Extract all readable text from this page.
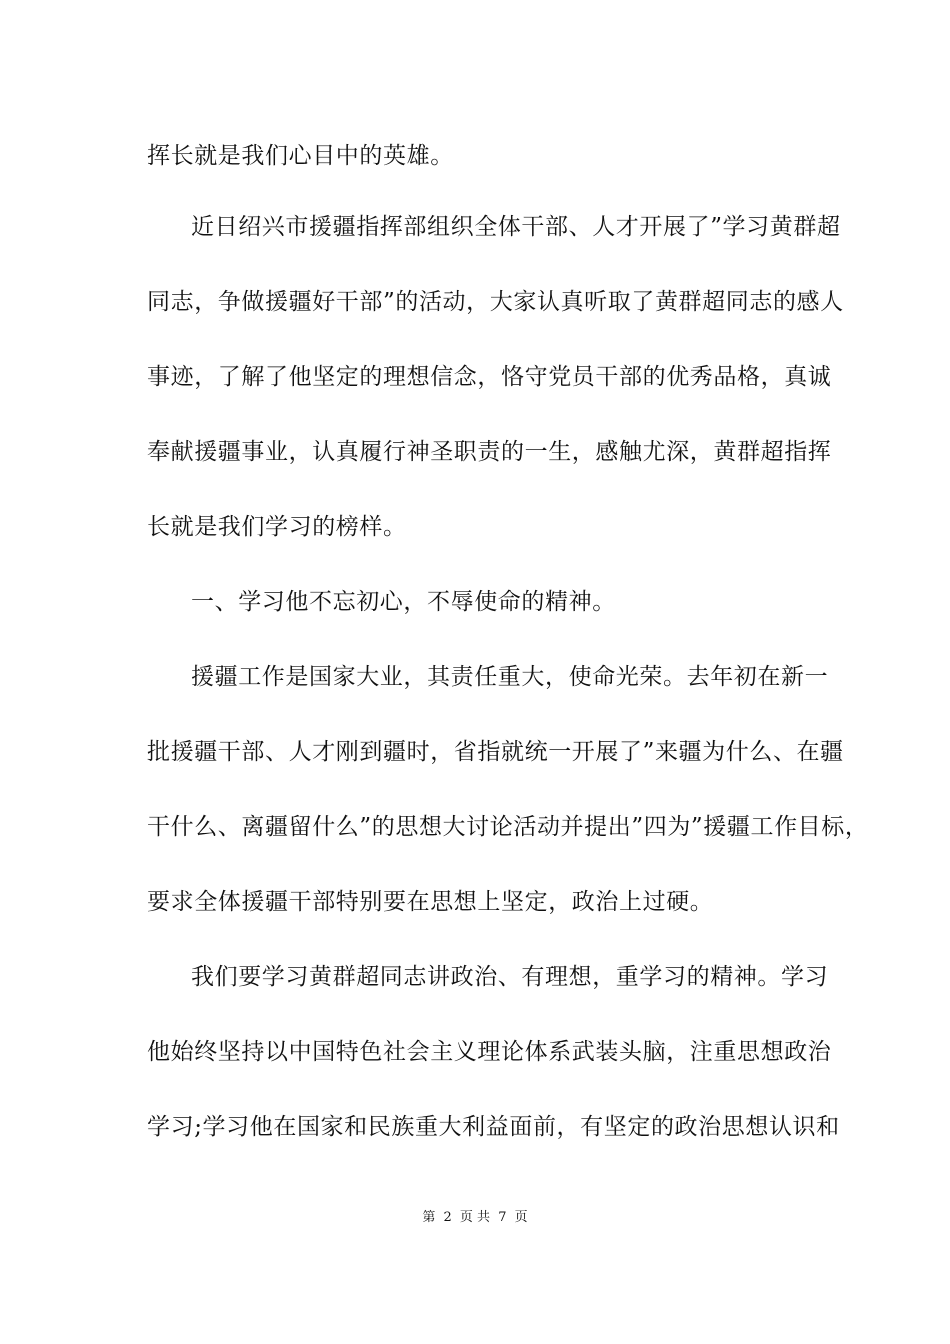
挥长就是我们心目中的英雄。
近日绍兴市援疆指挥部组织全体干部、人才开展了”学习黄群超
同志，争做援疆好干部”的活动，大家认真听取了黄群超同志的感人
事迹，了解了他坚定的理想信念，恪守党员干部的优秀品格，真诚
奉献援疆事业，认真履行神圣职责的一生，感触尤深，黄群超指挥
长就是我们学习的榜样。
一、学习他不忘初心，不辱使命的精神。
援疆工作是国家大业，其责任重大，使命光荣。去年初在新一
批援疆干部、人才刚到疆时，省指就统一开展了”来疆为什么、在疆
干什么、离疆留什么”的思想大讨论活动并提出”四为”援疆工作目标，
要求全体援疆干部特别要在思想上坚定，政治上过硬。
我们要学习黄群超同志讲政治、有理想，重学习的精神。学习
他始终坚持以中国特色社会主义理论体系武装头脑，注重思想政治
学习;学习他在国家和民族重大利益面前，有坚定的政治思想认识和
第 2 页 共 7 页
